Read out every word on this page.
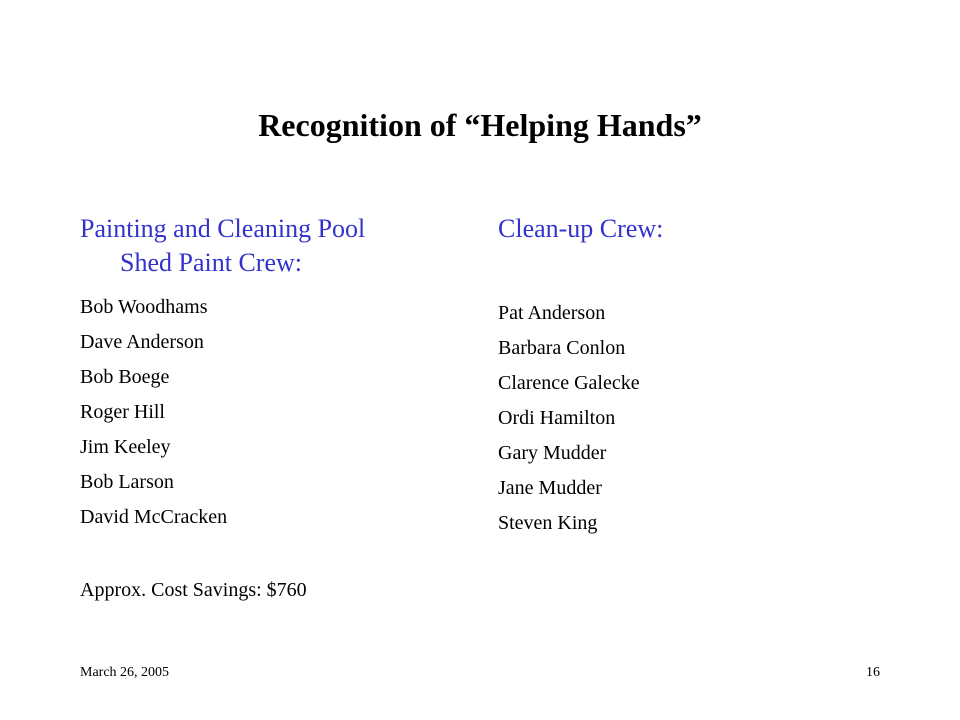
Recognition of “Helping Hands”
Painting and Cleaning Pool
Shed Paint Crew:
Bob Woodhams
Dave Anderson
Bob Boege
Roger Hill
Jim Keeley
Bob Larson
David McCracken
Clean-up Crew:
Pat Anderson
Barbara Conlon
Clarence Galecke
Ordi Hamilton
Gary Mudder
Jane Mudder
Steven King
Approx. Cost Savings: $760
March 26, 2005	16
